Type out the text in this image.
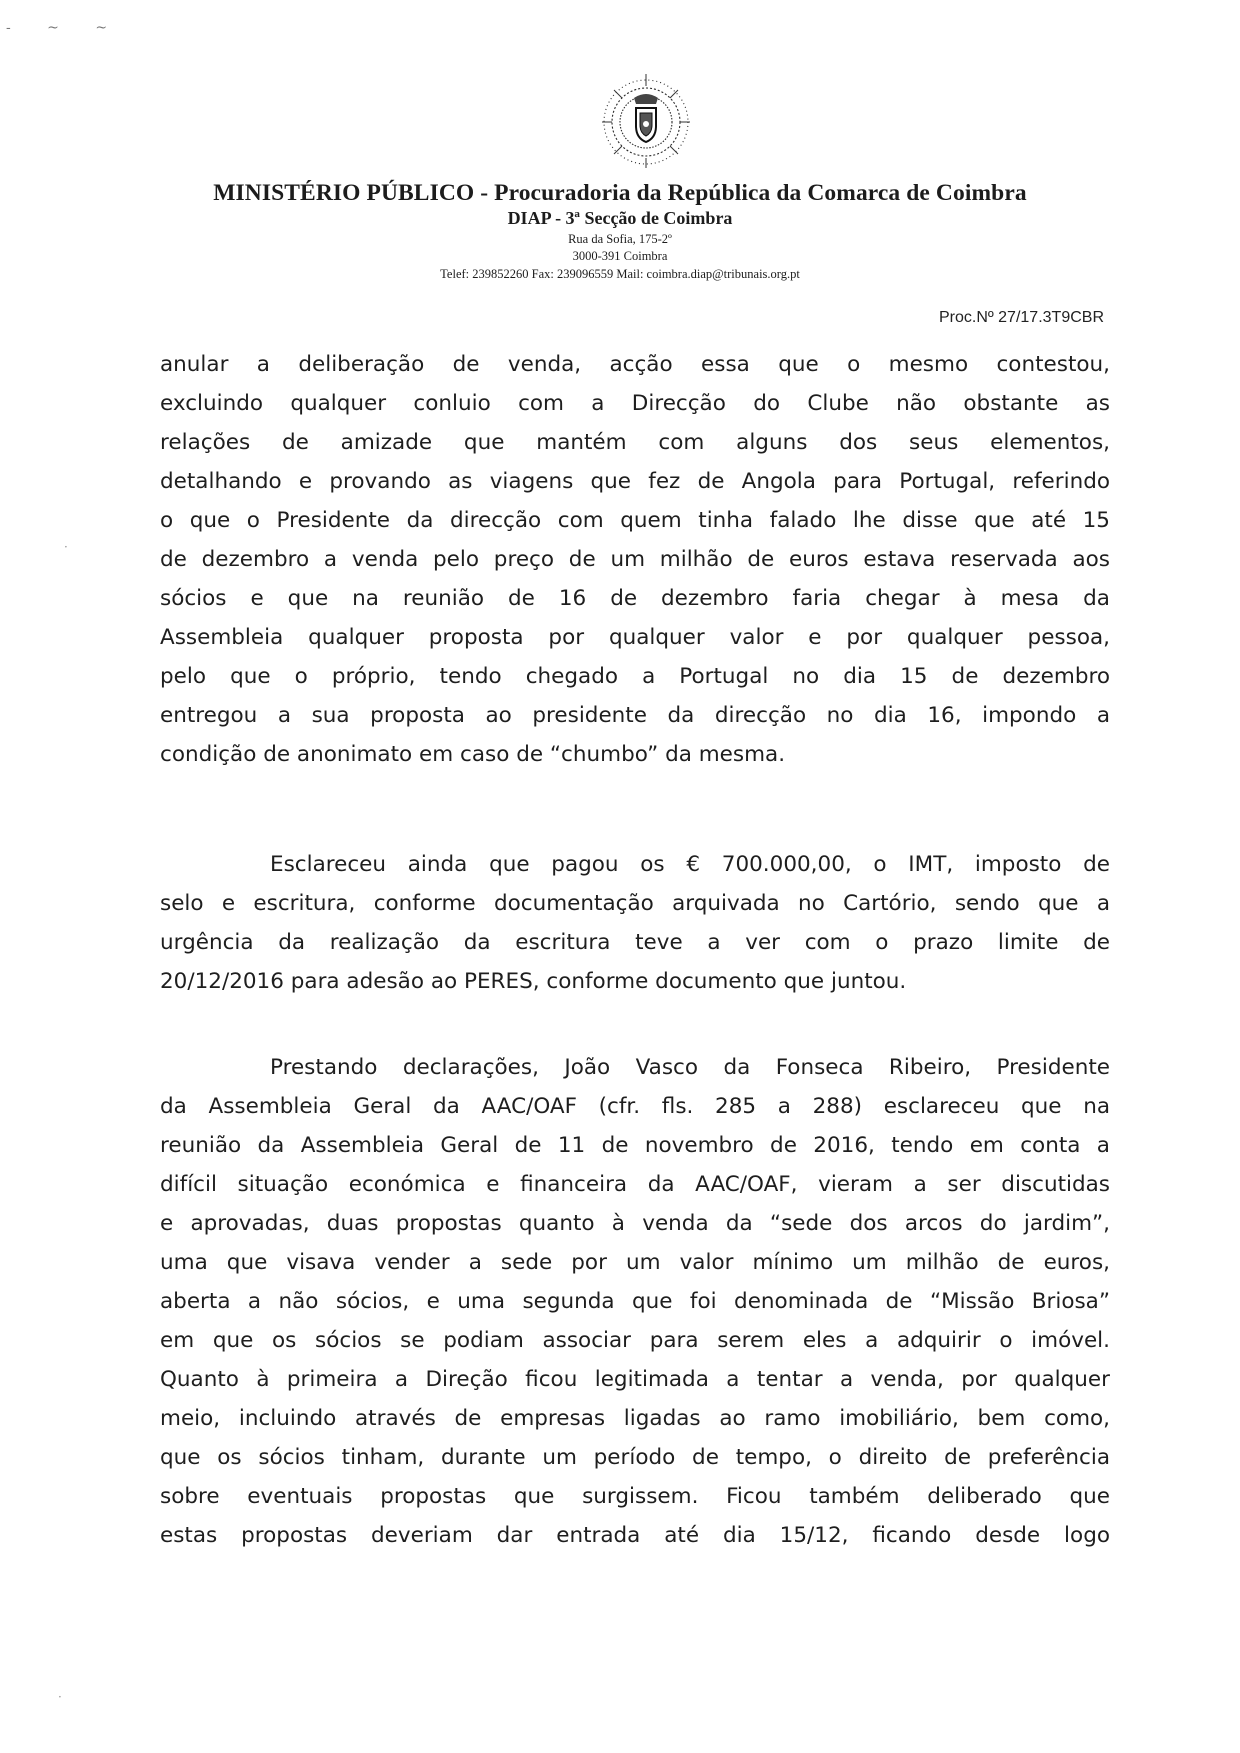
- ~ ~
·
·
MINISTÉRIO PÚBLICO - Procuradoria da República da Comarca de Coimbra
DIAP - 3ª Secção de Coimbra
Rua da Sofia, 175-2º
3000-391 Coimbra
Telef: 239852260 Fax: 239096559 Mail: coimbra.diap@tribunais.org.pt
Proc.Nº 27/17.3T9CBR
anular a deliberação de venda, acção essa que o mesmo contestou,
excluindo qualquer conluio com a Direcção do Clube não obstante as
relações de amizade que mantém com alguns dos seus elementos,
detalhando e provando as viagens que fez de Angola para Portugal, referindo
o que o Presidente da direcção com quem tinha falado lhe disse que até 15
de dezembro a venda pelo preço de um milhão de euros estava reservada aos
sócios e que na reunião de 16 de dezembro faria chegar à mesa da
Assembleia qualquer proposta por qualquer valor e por qualquer pessoa,
pelo que o próprio, tendo chegado a Portugal no dia 15 de dezembro
entregou a sua proposta ao presidente da direcção no dia 16, impondo a
condição de anonimato em caso de “chumbo” da mesma.
Esclareceu ainda que pagou os € 700.000,00, o IMT, imposto de
selo e escritura, conforme documentação arquivada no Cartório, sendo que a
urgência da realização da escritura teve a ver com o prazo limite de
20/12/2016 para adesão ao PERES, conforme documento que juntou.
Prestando declarações, João Vasco da Fonseca Ribeiro, Presidente
da Assembleia Geral da AAC/OAF (cfr. fls. 285 a 288) esclareceu que na
reunião da Assembleia Geral de 11 de novembro de 2016, tendo em conta a
difícil situação económica e financeira da AAC/OAF, vieram a ser discutidas
e aprovadas, duas propostas quanto à venda da “sede dos arcos do jardim”,
uma que visava vender a sede por um valor mínimo um milhão de euros,
aberta a não sócios, e uma segunda que foi denominada de “Missão Briosa”
em que os sócios se podiam associar para serem eles a adquirir o imóvel.
Quanto à primeira a Direção ficou legitimada a tentar a venda, por qualquer
meio, incluindo através de empresas ligadas ao ramo imobiliário, bem como,
que os sócios tinham, durante um período de tempo, o direito de preferência
sobre eventuais propostas que surgissem. Ficou também deliberado que
estas propostas deveriam dar entrada até dia 15/12, ficando desde logo
